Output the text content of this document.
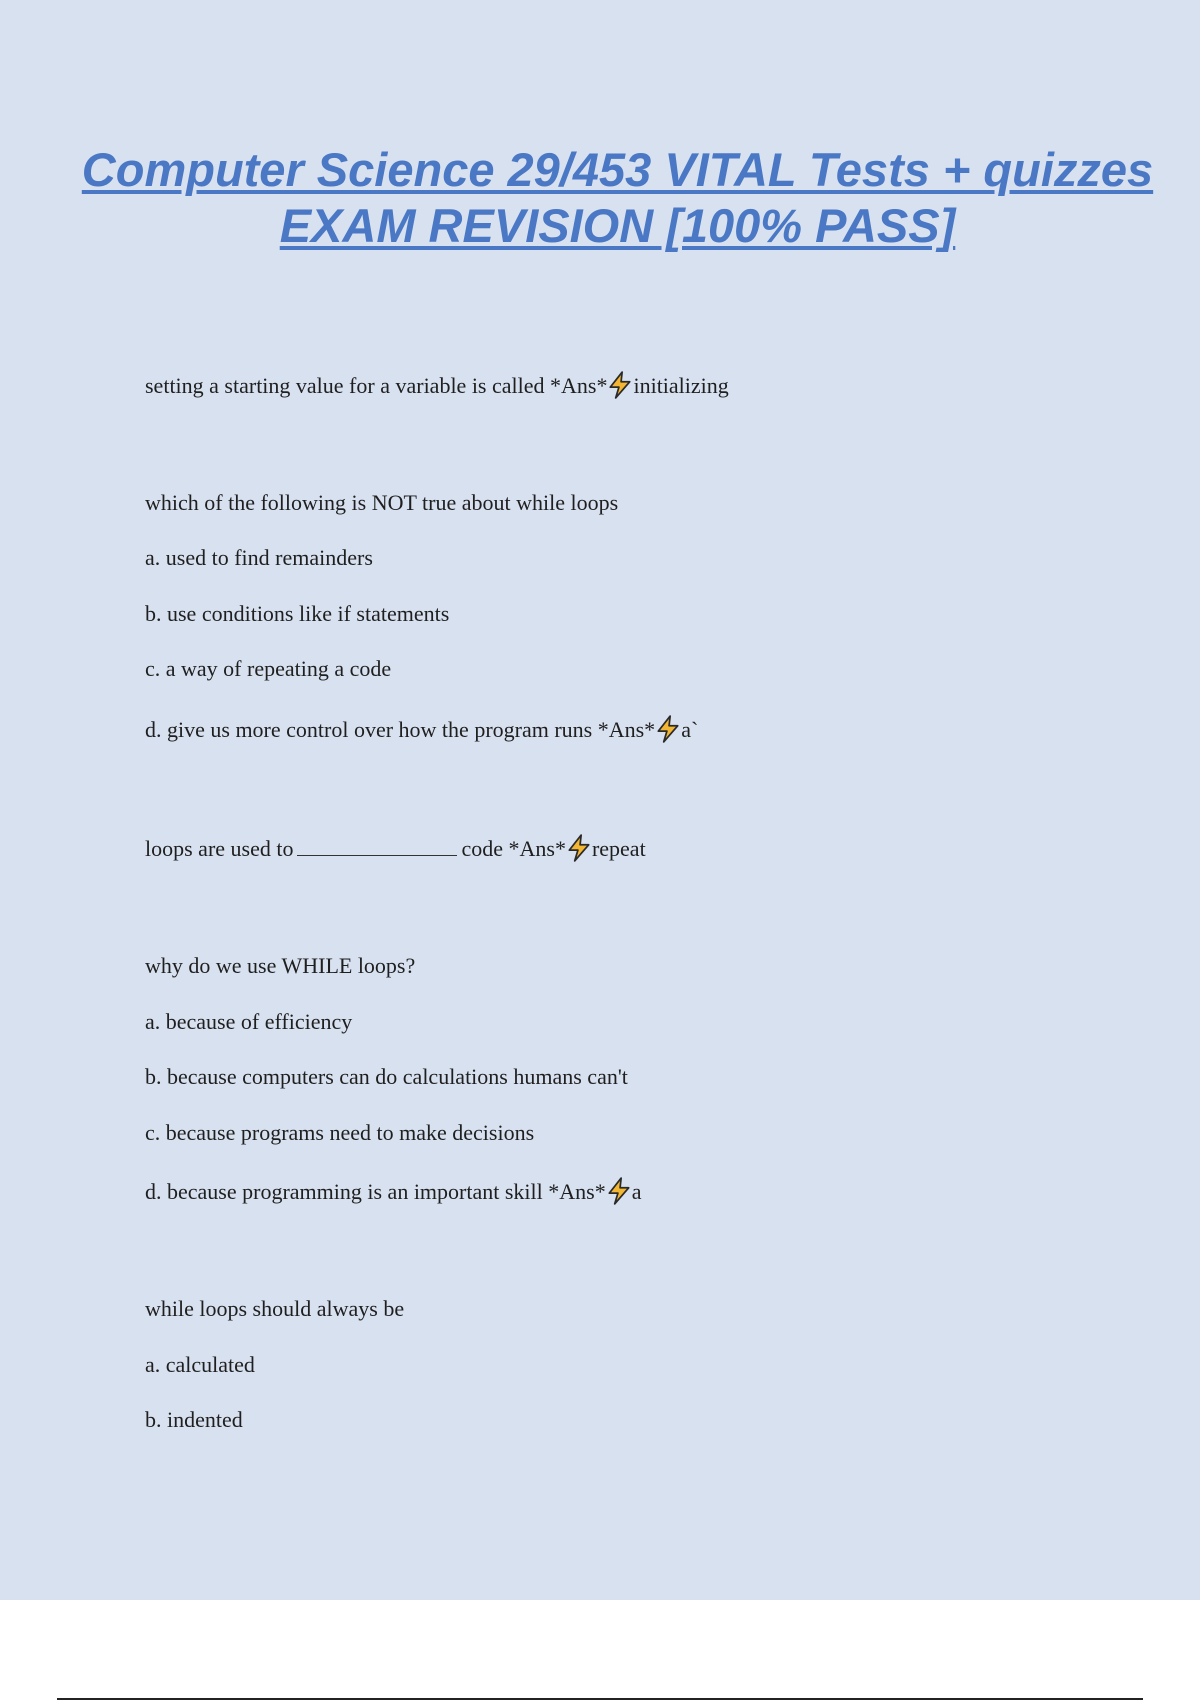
Computer Science 29/453 VITAL Tests + quizzes EXAM REVISION [100% PASS]

setting a starting value for a variable is called *Ans* initializing

which of the following is NOT true about while loops

a. used to find remainders

b. use conditions like if statements

c. a way of repeating a code

d. give us more control over how the program runs *Ans* a`

loops are used to	code *Ans* repeat

why do we use WHILE loops?

a. because of efficiency

b. because computers can do calculations humans can't

c. because programs need to make decisions

d. because programming is an important skill *Ans* a

while loops should always be

a. calculated

b. indented
